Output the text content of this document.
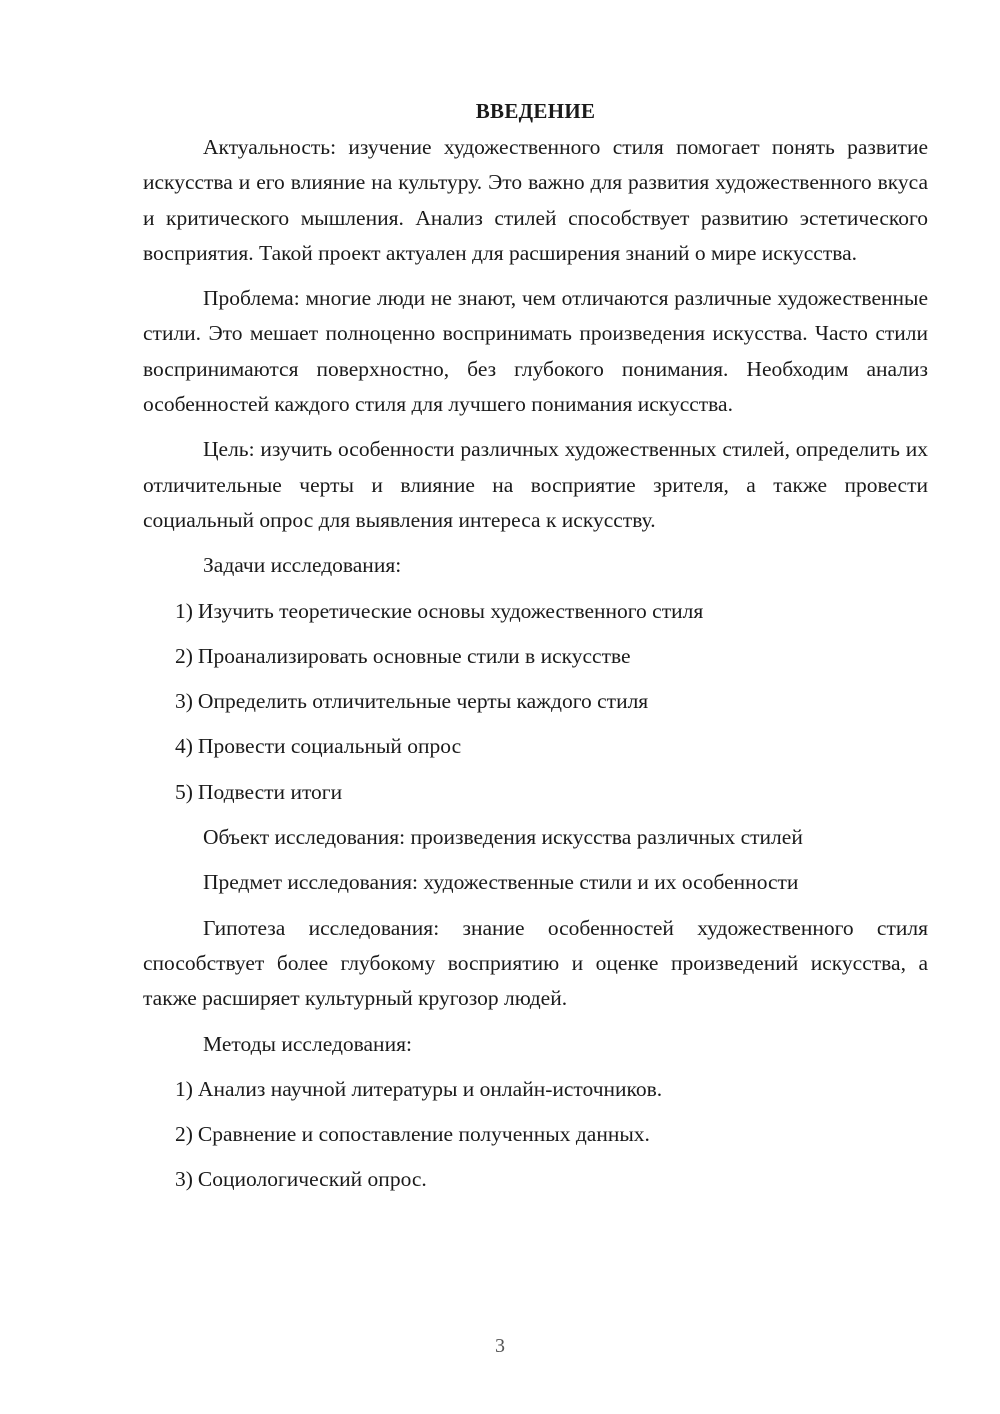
ВВЕДЕНИЕ

Актуальность: изучение художественного стиля помогает понять развитие искусства и его влияние на культуру. Это важно для развития художественного вкуса и критического мышления. Анализ стилей способствует развитию эстетического восприятия. Такой проект актуален для расширения знаний о мире искусства.

Проблема: многие люди не знают, чем отличаются различные художественные стили. Это мешает полноценно воспринимать произведения искусства. Часто стили воспринимаются поверхностно, без глубокого понимания. Необходим анализ особенностей каждого стиля для лучшего понимания искусства.

Цель: изучить особенности различных художественных стилей, определить их отличительные черты и влияние на восприятие зрителя, а также провести социальный опрос для выявления интереса к искусству.

Задачи исследования:

1) Изучить теоретические основы художественного стиля

2) Проанализировать основные стили в искусстве

3) Определить отличительные черты каждого стиля

4) Провести социальный опрос

5) Подвести итоги

Объект исследования: произведения искусства различных стилей

Предмет исследования: художественные стили и их особенности

Гипотеза исследования: знание особенностей художественного стиля способствует более глубокому восприятию и оценке произведений искусства, а также расширяет культурный кругозор людей.

Методы исследования:

1) Анализ научной литературы и онлайн-источников.

2) Сравнение и сопоставление полученных данных.

3) Социологический опрос.

3
